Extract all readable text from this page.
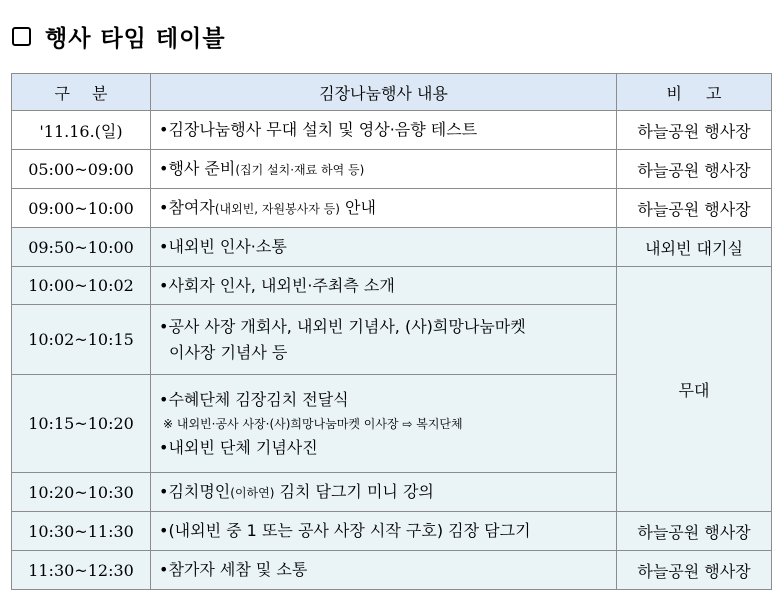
행사 타임 테이블
구분	김장나눔행사 내용	비고
'11.16.(일)	•김장나눔행사 무대 설치 및 영상·음향 테스트	하늘공원 행사장
05:00~09:00	•행사 준비(집기 설치·재료 하역 등)	하늘공원 행사장
09:00~10:00	•참여자(내외빈, 자원봉사자 등) 안내	하늘공원 행사장
09:50~10:00	•내외빈 인사·소통	내외빈 대기실
10:00~10:02	•사회자 인사, 내외빈·주최측 소개	무대
10:02~10:15	•공사 사장 개회사, 내외빈 기념사, (사)희망나눔마켓
이사장 기념사 등	

10:15~10:20	•수혜단체 김장김치 전달식
※ 내외빈·공사 사장·(사)희망나눔마켓 이사장 ⇨ 복지단체
•내외빈 단체 기념사진	

10:20~10:30	•김치명인(이하연) 김치 담그기 미니 강의	
10:30~11:30	•(내외빈 중 1 또는 공사 사장 시작 구호) 김장 담그기	하늘공원 행사장
11:30~12:30	•참가자 세참 및 소통	하늘공원 행사장
